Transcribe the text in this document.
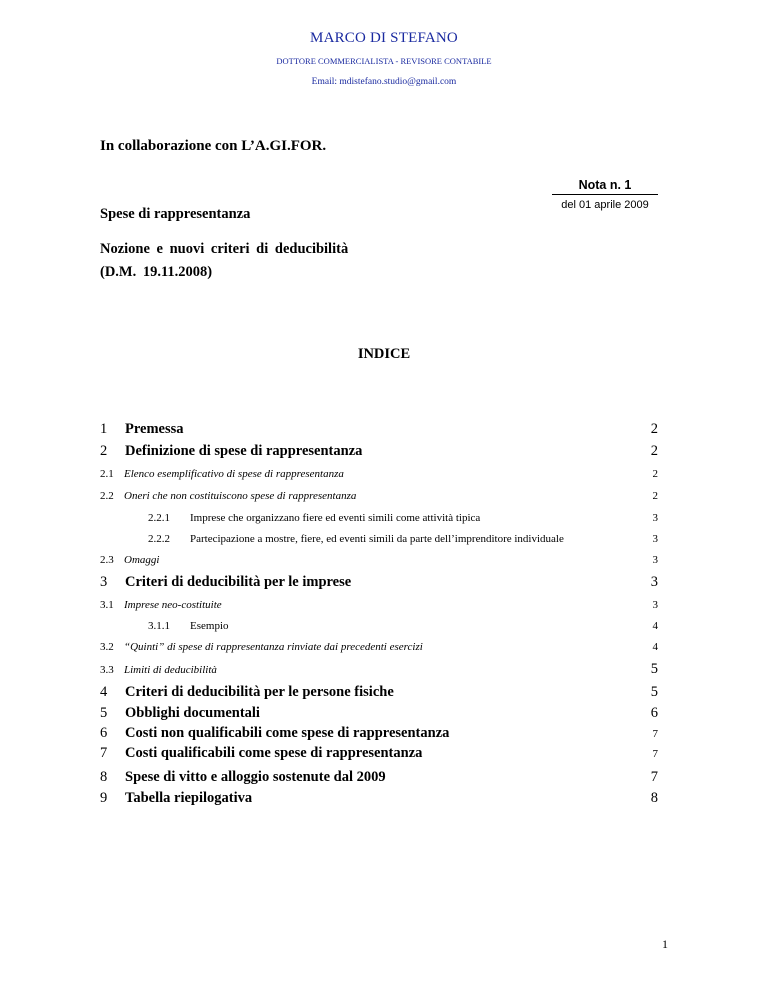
MARCO DI STEFANO
DOTTORE COMMERCIALISTA - REVISORE CONTABILE
Email: mdistefano.studio@gmail.com
In collaborazione con L’A.GI.FOR.
Nota n. 1
del 01 aprile 2009
Spese di rappresentanza
Nozione e nuovi criteri di deducibilità
(D.M. 19.11.2008)
INDICE
1	Premessa	2
2	Definizione di spese di rappresentanza	2
2.1 Elenco esemplificativo di spese di rappresentanza	2
2.2 Oneri che non costituiscono spese di rappresentanza	2
2.2.1	Imprese che organizzano fiere ed eventi simili come attività tipica	3
2.2.2	Partecipazione a mostre, fiere, ed eventi simili da parte dell’imprenditore individuale	3
2.3 Omaggi	3
3	Criteri di deducibilità per le imprese	3
3.1 Imprese neo-costituite	3
3.1.1	Esempio	4
3.2 “Quinti” di spese di rappresentanza rinviate dai precedenti esercizi	4
3.3 Limiti di deducibilità	5
4	Criteri di deducibilità per le persone fisiche	5
5	Obblighi documentali	6
6	Costi non qualificabili come spese di rappresentanza	7
7	Costi qualificabili come spese di rappresentanza	7
8	Spese di vitto e alloggio sostenute dal 2009	7
9	Tabella riepilogativa	8
1
